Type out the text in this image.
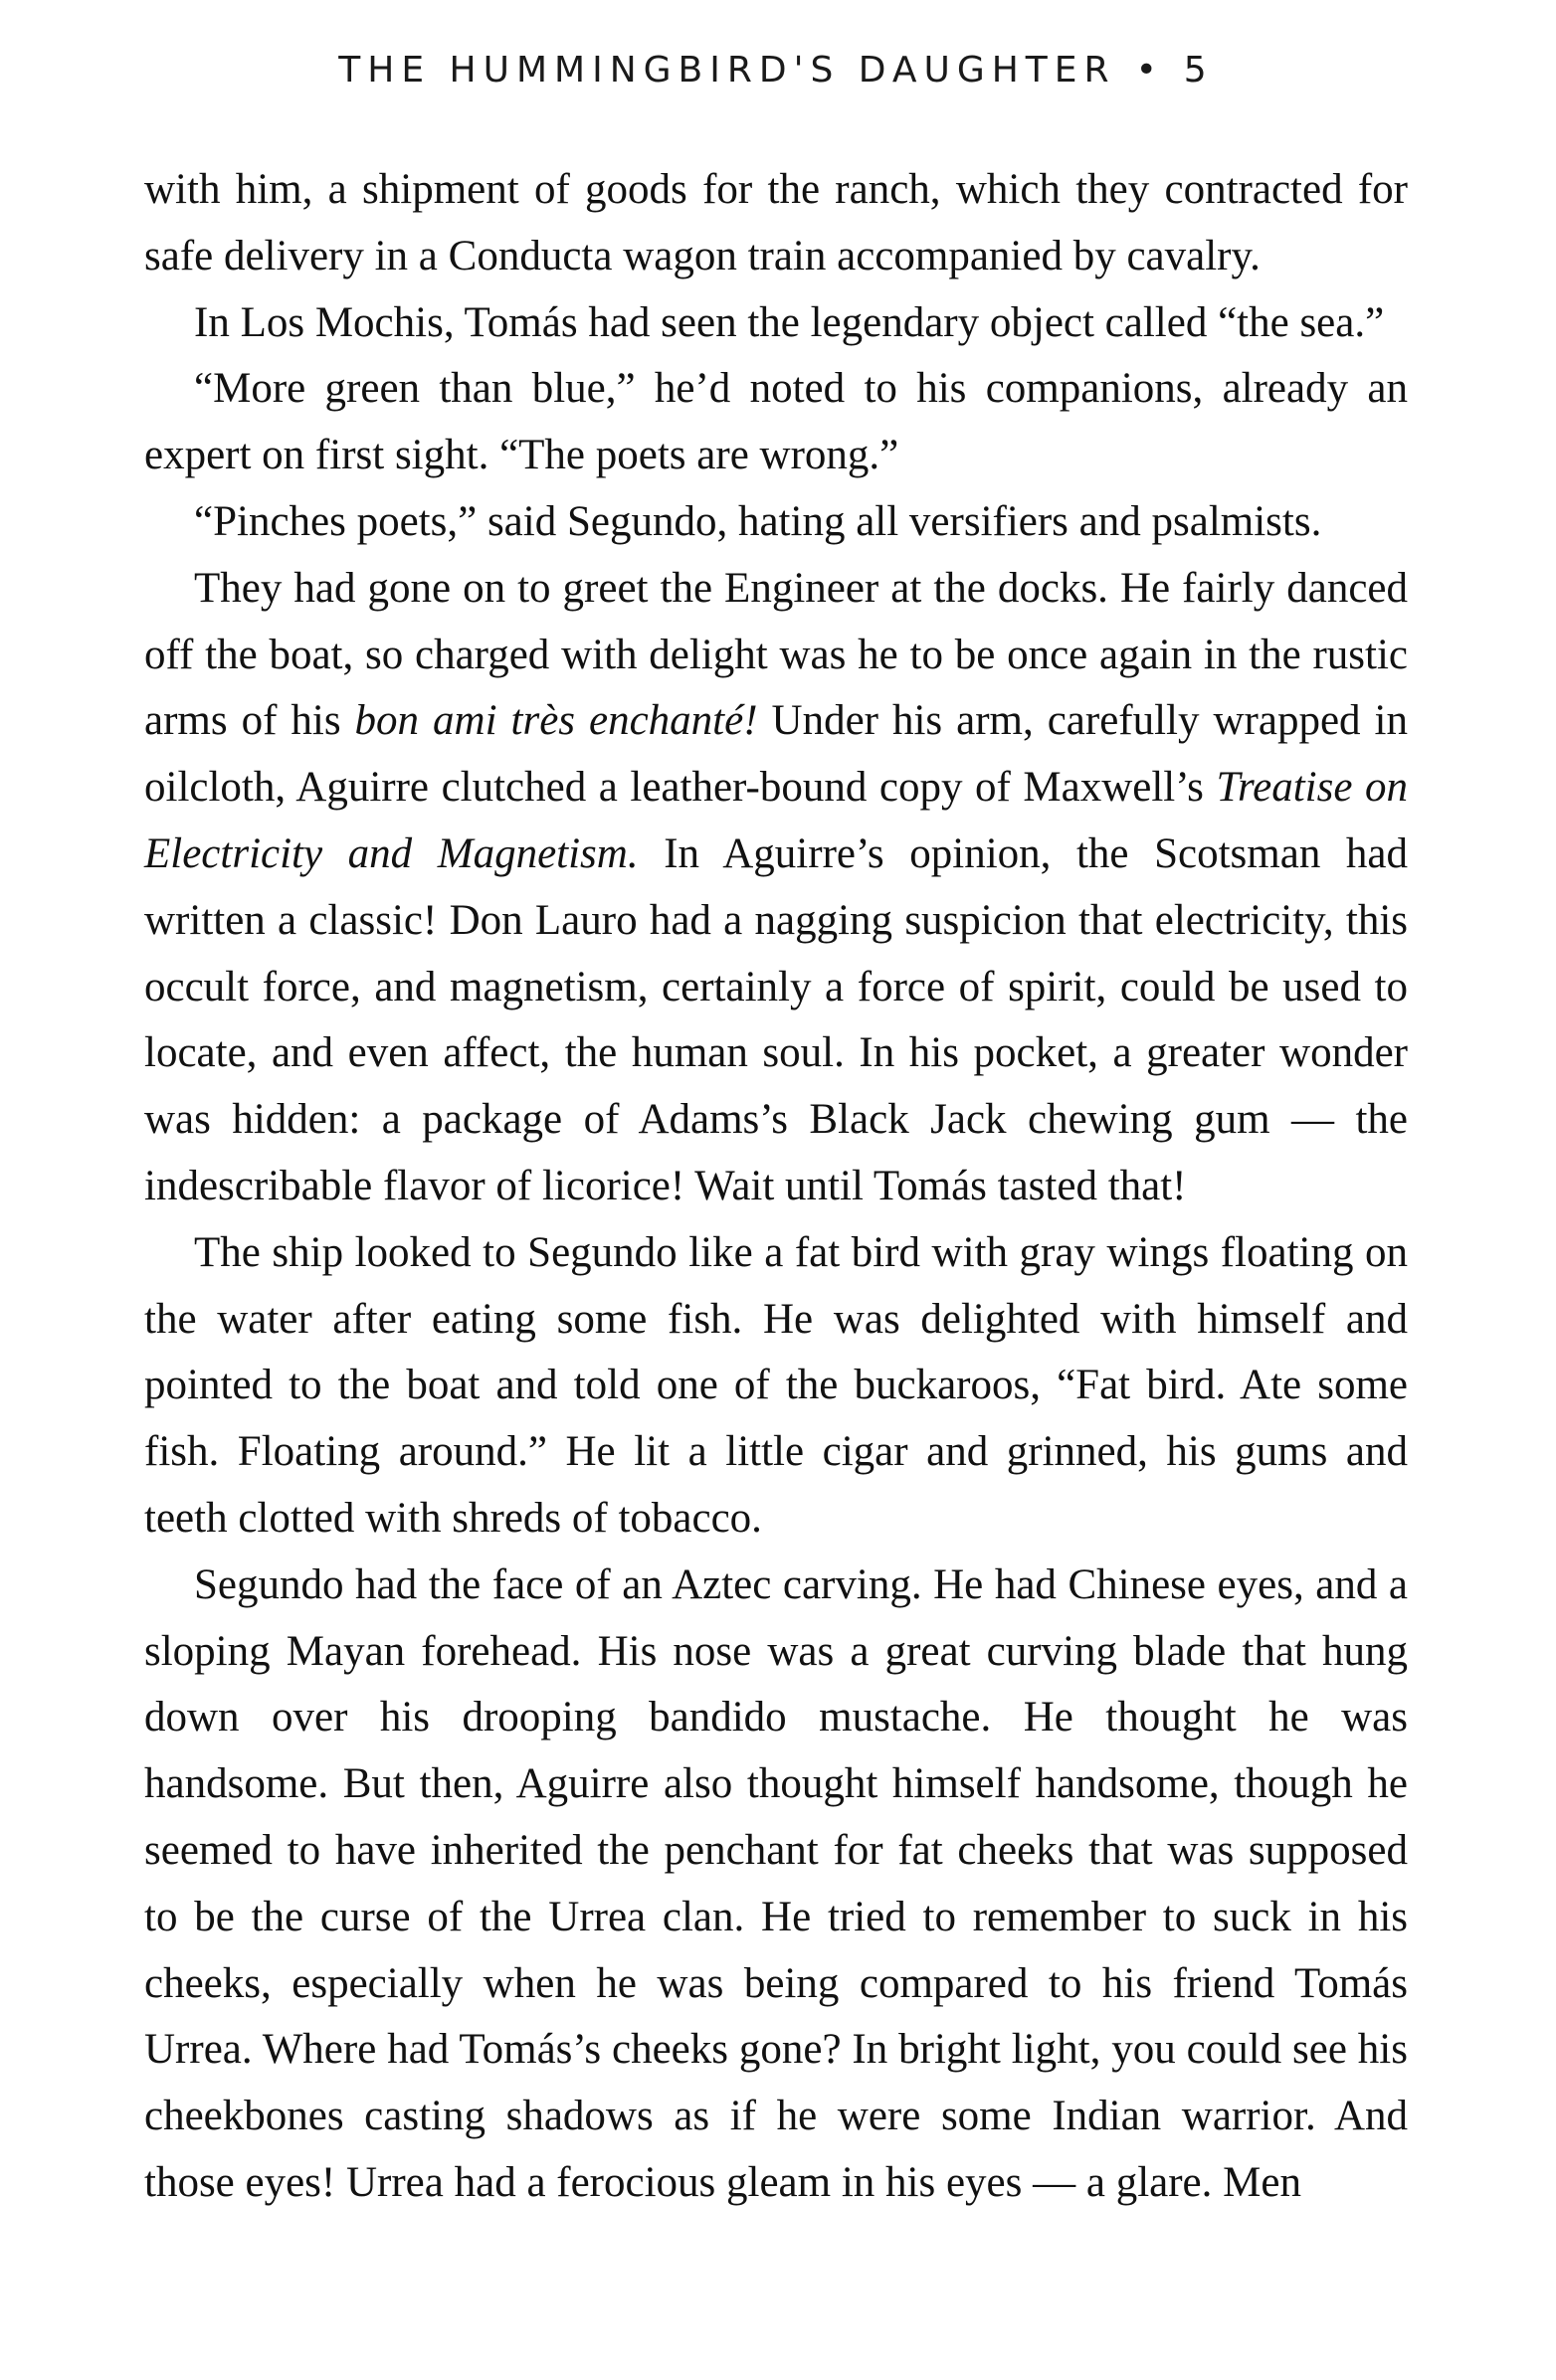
THE HUMMINGBIRD'S DAUGHTER • 5

with him, a shipment of goods for the ranch, which they contracted for safe delivery in a Conducta wagon train accompanied by cavalry.

In Los Mochis, Tomás had seen the legendary object called “the sea.”

“More green than blue,” he’d noted to his companions, already an expert on first sight. “The poets are wrong.”

“Pinches poets,” said Segundo, hating all versifiers and psalmists.

They had gone on to greet the Engineer at the docks. He fairly danced off the boat, so charged with delight was he to be once again in the rustic arms of his bon ami très enchanté! Under his arm, carefully wrapped in oilcloth, Aguirre clutched a leather-bound copy of Maxwell’s Treatise on Electricity and Magnetism. In Aguirre’s opinion, the Scotsman had written a classic! Don Lauro had a nagging suspicion that electricity, this occult force, and magnetism, certainly a force of spirit, could be used to locate, and even affect, the human soul. In his pocket, a greater wonder was hidden: a package of Adams’s Black Jack chewing gum — the indescribable flavor of licorice! Wait until Tomás tasted that!

The ship looked to Segundo like a fat bird with gray wings floating on the water after eating some fish. He was delighted with himself and pointed to the boat and told one of the buckaroos, “Fat bird. Ate some fish. Floating around.” He lit a little cigar and grinned, his gums and teeth clotted with shreds of tobacco.

Segundo had the face of an Aztec carving. He had Chinese eyes, and a sloping Mayan forehead. His nose was a great curving blade that hung down over his drooping bandido mustache. He thought he was handsome. But then, Aguirre also thought himself handsome, though he seemed to have inherited the penchant for fat cheeks that was supposed to be the curse of the Urrea clan. He tried to remember to suck in his cheeks, especially when he was being compared to his friend Tomás Urrea. Where had Tomás’s cheeks gone? In bright light, you could see his cheekbones casting shadows as if he were some Indian warrior. And those eyes! Urrea had a ferocious gleam in his eyes — a glare. Men
